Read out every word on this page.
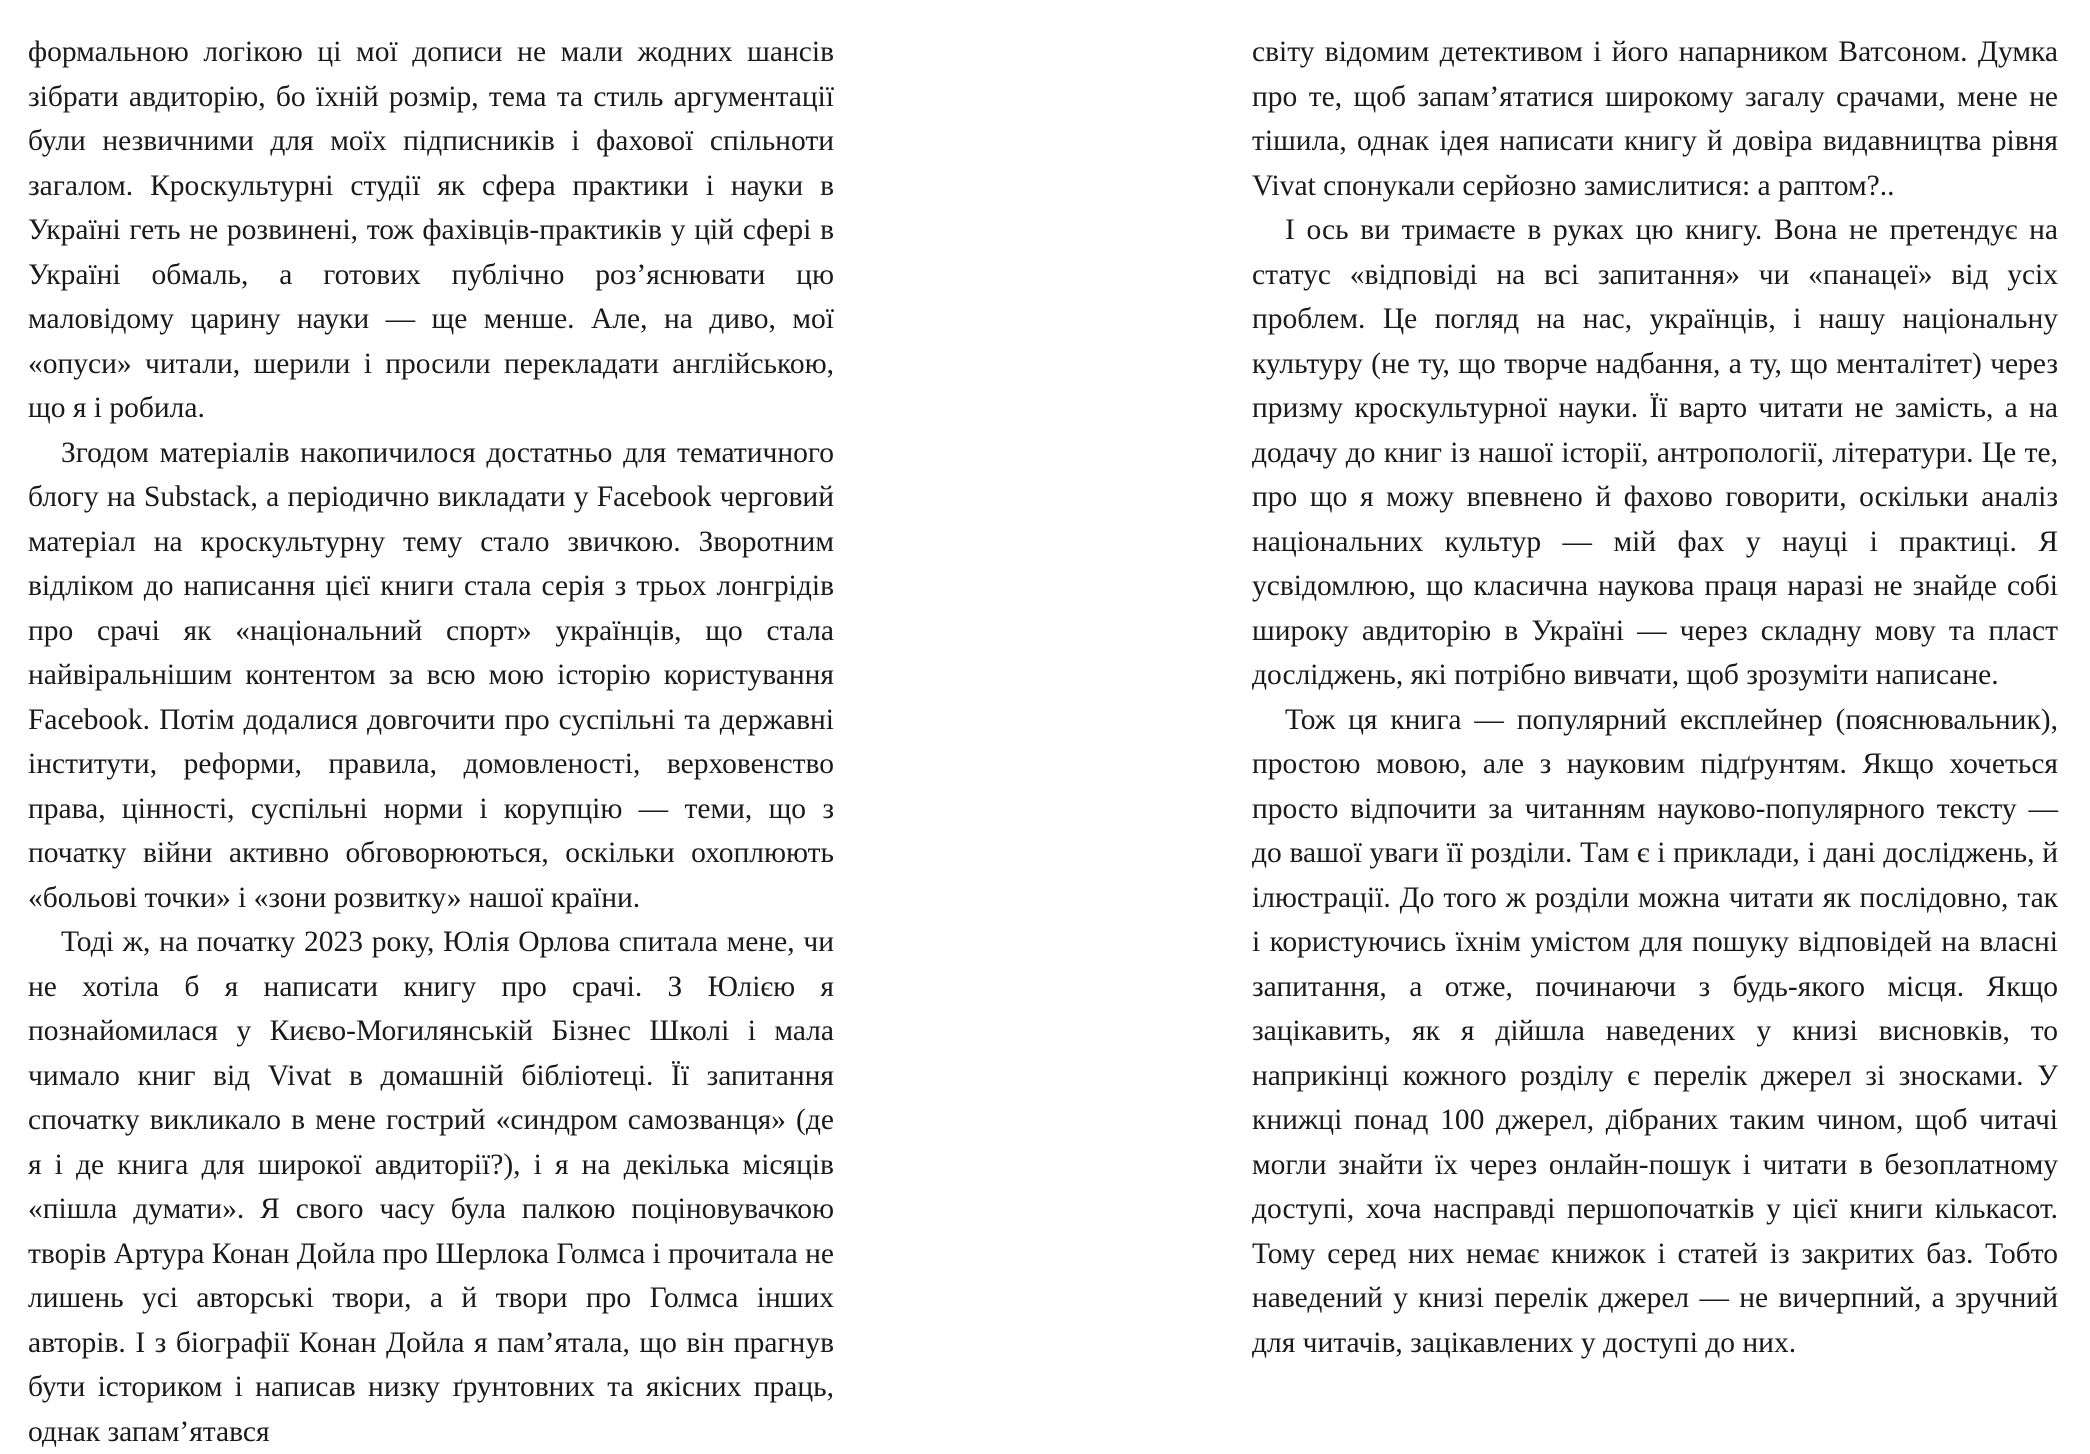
формальною логікою ці мої дописи не мали жодних шансів зібрати авдиторію, бо їхній розмір, тема та стиль аргументації були незвичними для моїх підписників і фахової спільноти загалом. Кроскультурні студії як сфера практики і науки в Україні геть не розвинені, тож фахівців-практиків у цій сфері в Україні обмаль, а готових публічно роз’яснювати цю маловідому царину науки — ще менше. Але, на диво, мої «опуси» читали, шерили і просили перекладати англійською, що я і робила.

Згодом матеріалів накопичилося достатньо для тематичного блогу на Substack, а періодично викладати у Facebook черговий матеріал на кроскультурну тему стало звичкою. Зворотним відліком до написання цієї книги стала серія з трьох лонгрідів про срачі як «національний спорт» українців, що стала найвіральнішим контентом за всю мою історію користування Facebook. Потім додалися довгочити про суспільні та державні інститути, реформи, правила, домовленості, верховенство права, цінності, суспільні норми і корупцію — теми, що з початку війни активно обговорюються, оскільки охоплюють «больові точки» і «зони розвитку» нашої країни.

Тоді ж, на початку 2023 року, Юлія Орлова спитала мене, чи не хотіла б я написати книгу про срачі. З Юлією я познайомилася у Києво-Могилянській Бізнес Школі і мала чимало книг від Vivat в домашній бібліотеці. Її запитання спочатку викликало в мене гострий «синдром самозванця» (де я і де книга для широкої авдиторії?), і я на декілька місяців «пішла думати». Я свого часу була палкою поціновувачкою творів Артура Конан Дойла про Шерлока Голмса і прочитала не лишень усі авторські твори, а й твори про Голмса інших авторів. І з біографії Конан Дойла я пам’ятала, що він прагнув бути істориком і написав низку ґрунтовних та якісних праць, однак запам’ятався

світу відомим детективом і його напарником Ватсоном. Думка про те, щоб запам’ятатися широкому загалу срачами, мене не тішила, однак ідея написати книгу й довіра видавництва рівня Vivat спонукали серйозно замислитися: а раптом?..

І ось ви тримаєте в руках цю книгу. Вона не претендує на статус «відповіді на всі запитання» чи «панацеї» від усіх проблем. Це погляд на нас, українців, і нашу національну культуру (не ту, що творче надбання, а ту, що менталітет) через призму кроскультурної науки. Її варто читати не замість, а на додачу до книг із нашої історії, антропології, літератури. Це те, про що я можу впевнено й фахово говорити, оскільки аналіз національних культур — мій фах у науці і практиці. Я усвідомлюю, що класична наукова праця наразі не знайде собі широку авдиторію в Україні — через складну мову та пласт досліджень, які потрібно вивчати, щоб зрозуміти написане.

Тож ця книга — популярний експлейнер (пояснювальник), простою мовою, але з науковим підґрунтям. Якщо хочеться просто відпочити за читанням науково-популярного тексту — до вашої уваги її розділи. Там є і приклади, і дані досліджень, й ілюстрації. До того ж розділи можна читати як послідовно, так і користуючись їхнім умістом для пошуку відповідей на власні запитання, а отже, починаючи з будь-якого місця. Якщо зацікавить, як я дійшла наведених у книзі висновків, то наприкінці кожного розділу є перелік джерел зі зносками. У книжці понад 100 джерел, дібраних таким чином, щоб читачі могли знайти їх через онлайн-пошук і читати в безоплатному доступі, хоча насправді першопочатків у цієї книги кількасот. Тому серед них немає книжок і статей із закритих баз. Тобто наведений у книзі перелік джерел — не вичерпний, а зручний для читачів, зацікавлених у доступі до них.
